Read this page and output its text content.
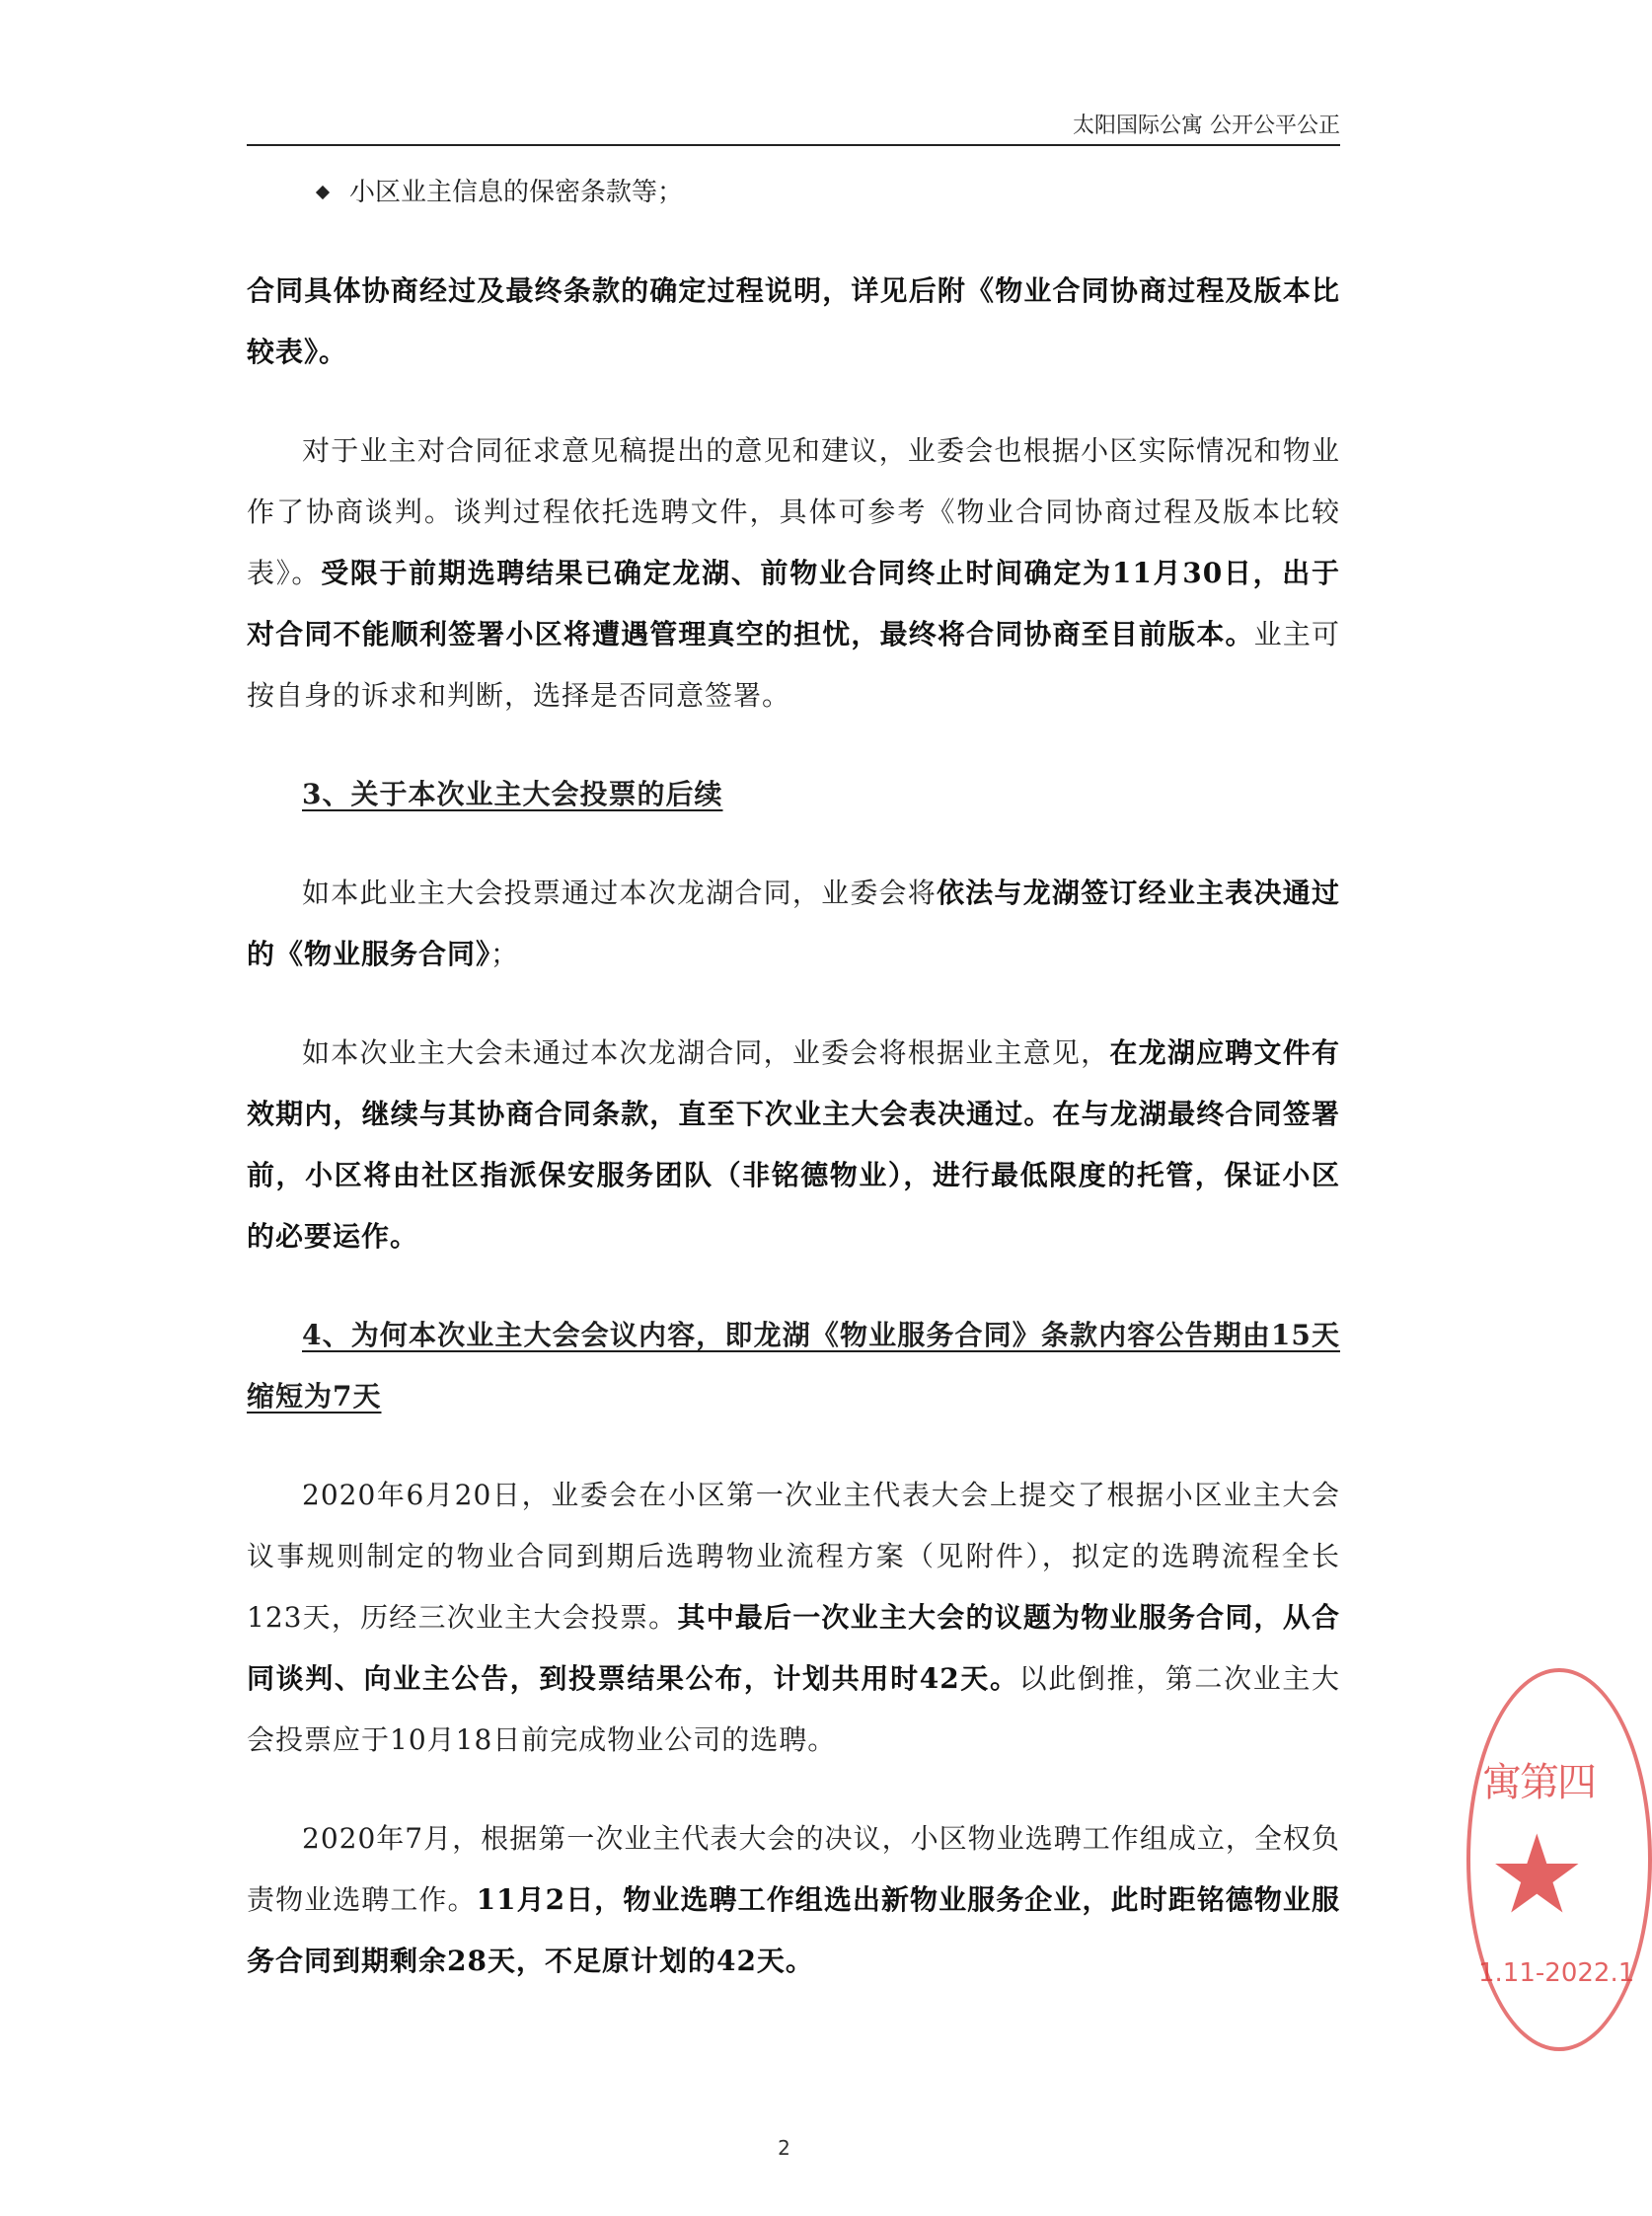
太阳国际公寓 公开公平公正
小区业主信息的保密条款等；

合同具体协商经过及最终条款的确定过程说明，详见后附《物业合同协商过程及版本比较表》。

对于业主对合同征求意见稿提出的意见和建议，业委会也根据小区实际情况和物业作了协商谈判。谈判过程依托选聘文件，具体可参考《物业合同协商过程及版本比较表》。受限于前期选聘结果已确定龙湖、前物业合同终止时间确定为11月30日，出于对合同不能顺利签署小区将遭遇管理真空的担忧，最终将合同协商至目前版本。业主可按自身的诉求和判断，选择是否同意签署。

3、关于本次业主大会投票的后续

如本此业主大会投票通过本次龙湖合同，业委会将依法与龙湖签订经业主表决通过的《物业服务合同》；

如本次业主大会未通过本次龙湖合同，业委会将根据业主意见，在龙湖应聘文件有效期内，继续与其协商合同条款，直至下次业主大会表决通过。在与龙湖最终合同签署前，小区将由社区指派保安服务团队（非铭德物业），进行最低限度的托管，保证小区的必要运作。

4、为何本次业主大会会议内容，即龙湖《物业服务合同》条款内容公告期由15天缩短为7天

2020年6月20日，业委会在小区第一次业主代表大会上提交了根据小区业主大会议事规则制定的物业合同到期后选聘物业流程方案（见附件），拟定的选聘流程全长123天，历经三次业主大会投票。其中最后一次业主大会的议题为物业服务合同，从合同谈判、向业主公告，到投票结果公布，计划共用时42天。以此倒推，第二次业主大会投票应于10月18日前完成物业公司的选聘。

2020年7月，根据第一次业主代表大会的决议，小区物业选聘工作组成立，全权负责物业选聘工作。11月2日，物业选聘工作组选出新物业服务企业，此时距铭德物业服务合同到期剩余28天，不足原计划的42天。

寓第四
★
1.11-2022.1
2
